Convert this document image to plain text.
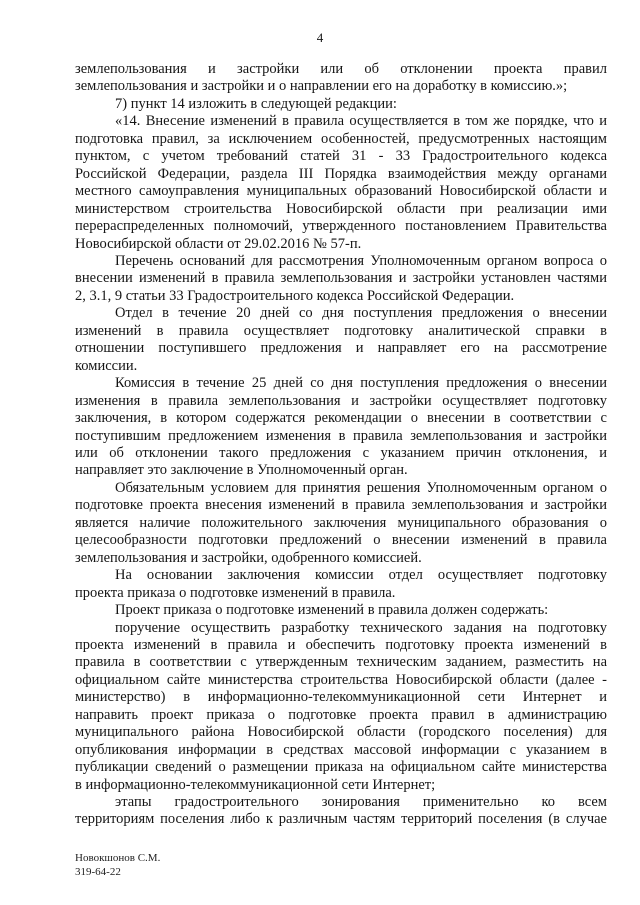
4
землепользования и застройки или об отклонении проекта правил
землепользования и застройки и о направлении его на доработку в комиссию.»;
7) пункт 14 изложить в следующей редакции:
«14. Внесение изменений в правила осуществляется в том же порядке, что и
подготовка правил, за исключением особенностей, предусмотренных настоящим
пунктом, с учетом требований статей 31 - 33 Градостроительного кодекса
Российской Федерации, раздела III Порядка взаимодействия между органами
местного самоуправления муниципальных образований Новосибирской области и
министерством строительства Новосибирской области при реализации ими
перераспределенных полномочий, утвержденного постановлением Правительства
Новосибирской области от 29.02.2016 № 57-п.
Перечень оснований для рассмотрения Уполномоченным органом вопроса о
внесении изменений в правила землепользования и застройки установлен частями
2, 3.1, 9 статьи 33 Градостроительного кодекса Российской Федерации.
Отдел в течение 20 дней со дня поступления предложения о внесении
изменений в правила осуществляет подготовку аналитической справки в
отношении поступившего предложения и направляет его на рассмотрение
комиссии.
Комиссия в течение 25 дней со дня поступления предложения о внесении
изменения в правила землепользования и застройки осуществляет подготовку
заключения, в котором содержатся рекомендации о внесении в соответствии с
поступившим предложением изменения в правила землепользования и застройки
или об отклонении такого предложения с указанием причин отклонения, и
направляет это заключение в Уполномоченный орган.
Обязательным условием для принятия решения Уполномоченным органом о
подготовке проекта внесения изменений в правила землепользования и застройки
является наличие положительного заключения муниципального образования о
целесообразности подготовки предложений о внесении изменений в правила
землепользования и застройки, одобренного комиссией.
На основании заключения комиссии отдел осуществляет подготовку
проекта приказа о подготовке изменений в правила.
Проект приказа о подготовке изменений в правила должен содержать:
поручение осуществить разработку технического задания на подготовку
проекта изменений в правила и обеспечить подготовку проекта изменений в
правила в соответствии с утвержденным техническим заданием, разместить на
официальном сайте министерства строительства Новосибирской области (далее -
министерство) в информационно-телекоммуникационной сети Интернет и
направить проект приказа о подготовке проекта правил в администрацию
муниципального района Новосибирской области (городского поселения) для
опубликования информации в средствах массовой информации с указанием в
публикации сведений о размещении приказа на официальном сайте министерства
в информационно-телекоммуникационной сети Интернет;
этапы градостроительного зонирования применительно ко всем
территориям поселения либо к различным частям территорий поселения (в случае
Новокшонов С.М.
319-64-22
